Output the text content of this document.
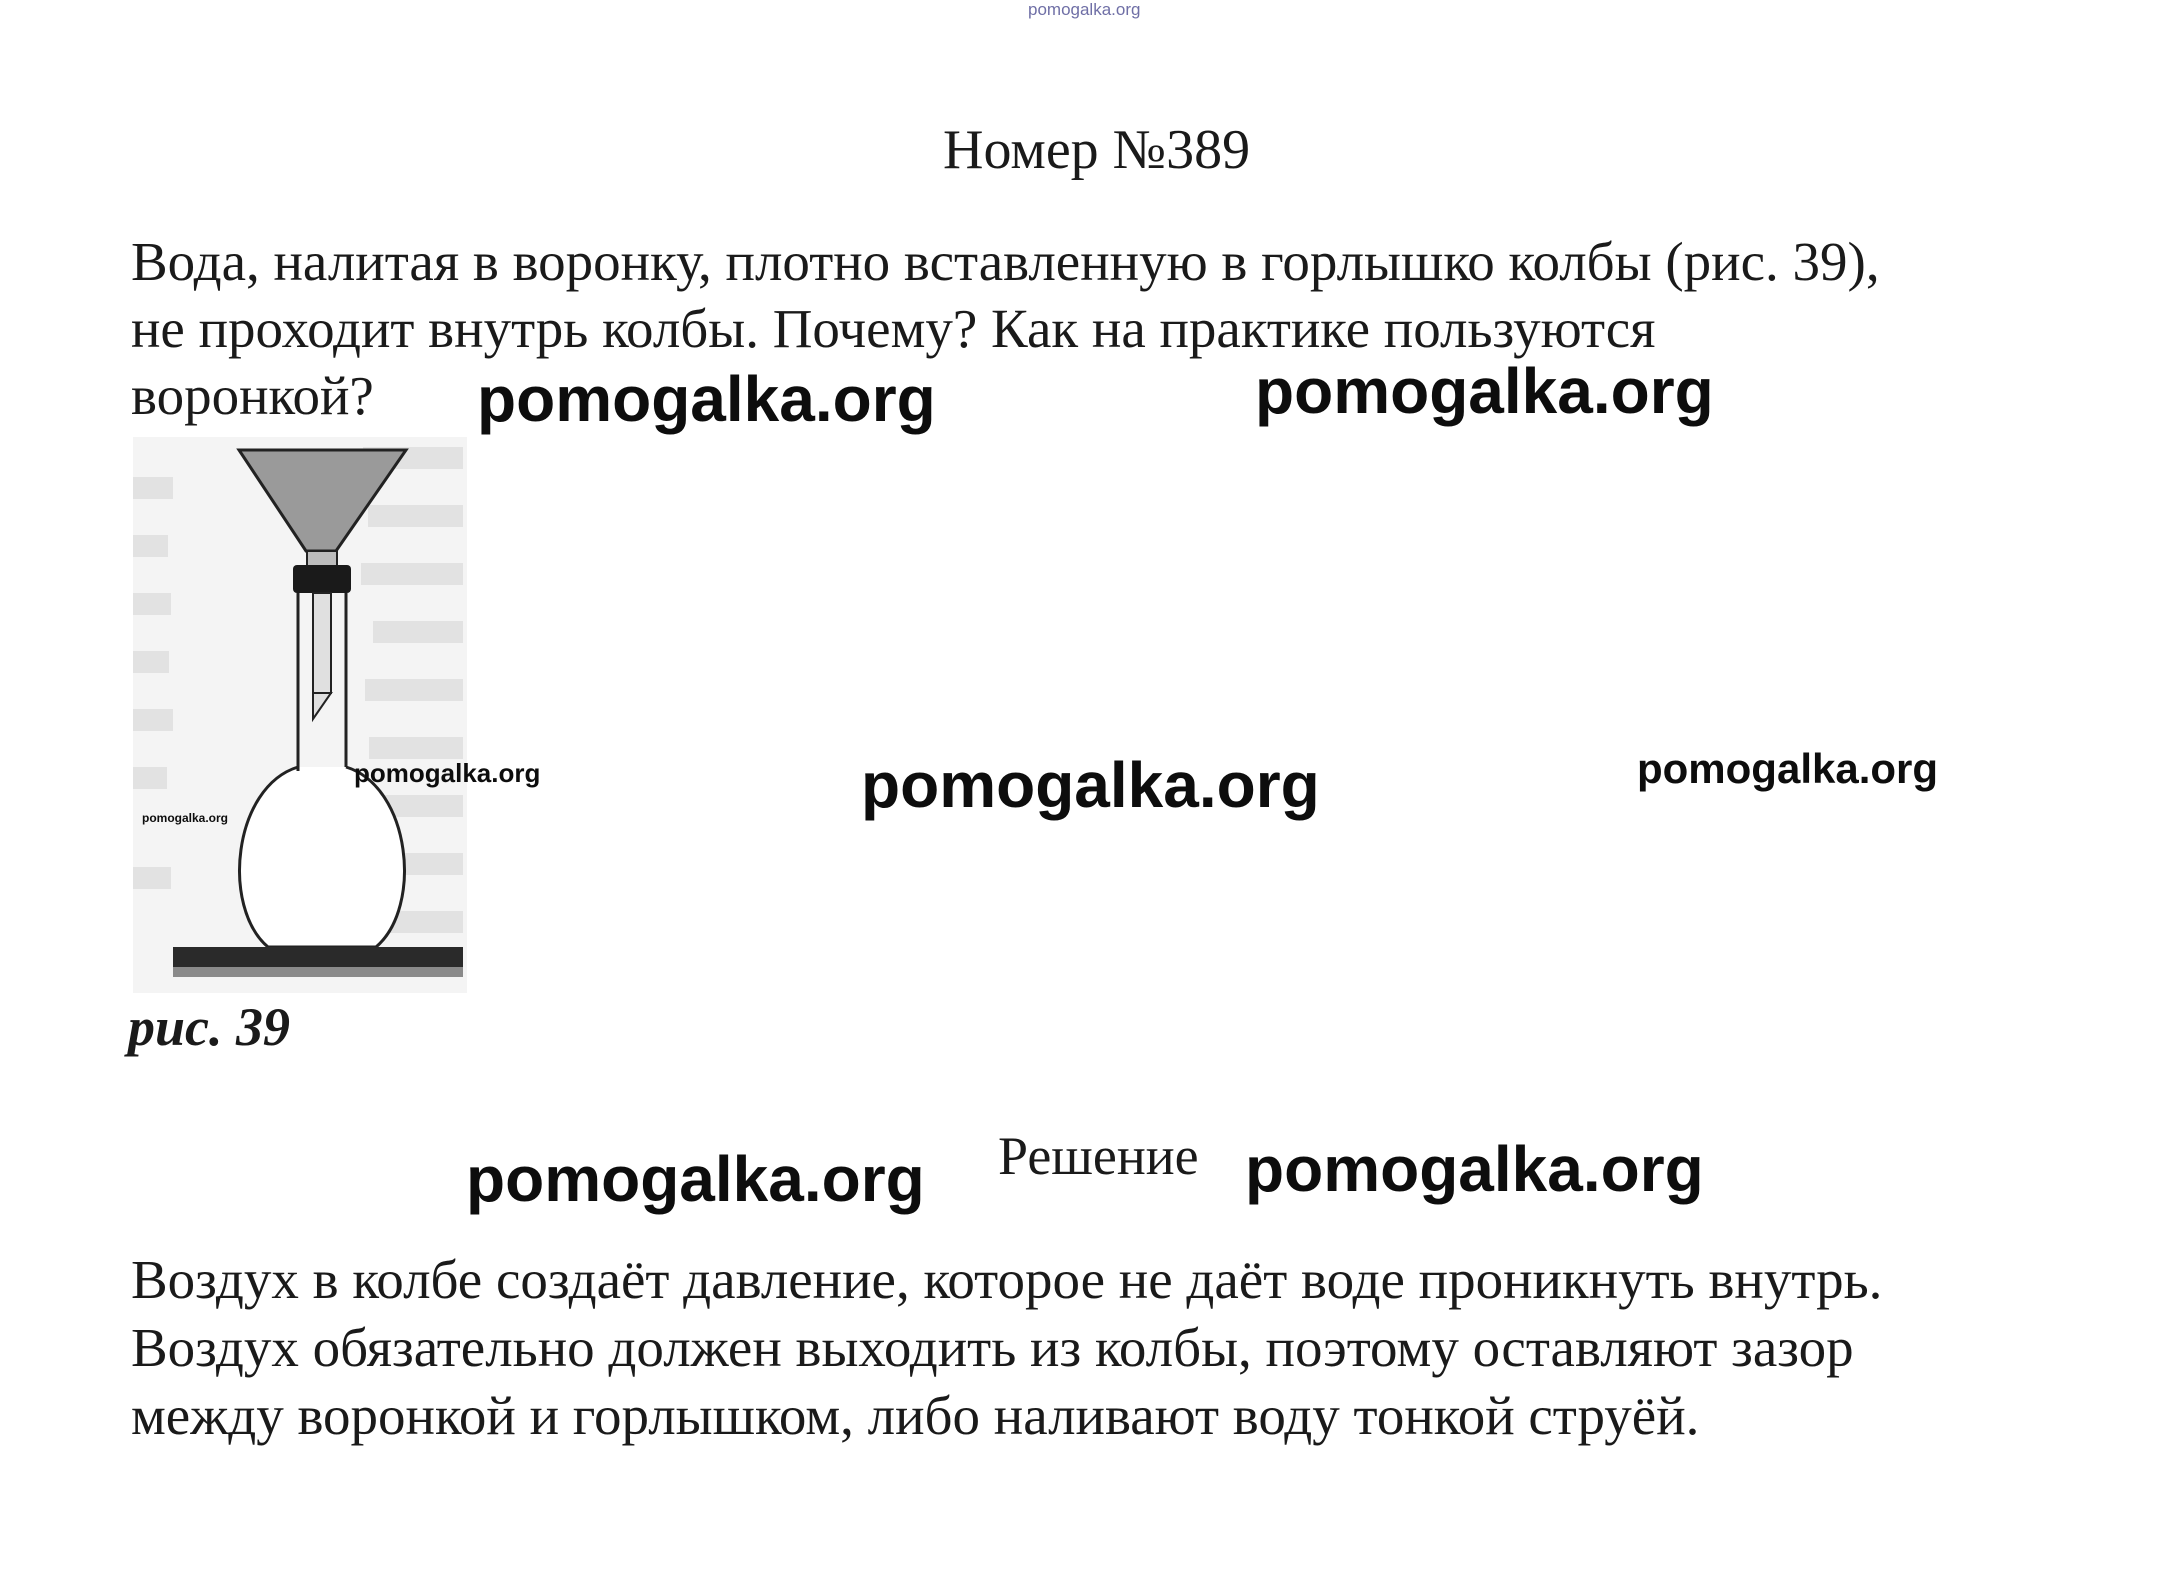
pomogalka.org
Номер №389
Вода, налитая в воронку, плотно вставленную в горлышко колбы (рис. 39),
не проходит внутрь колбы. Почему? Как на практике пользуются
воронкой?
рис. 39
Решение
Воздух в колбе создаёт давление, которое не даёт воде проникнуть внутрь.
Воздух обязательно должен выходить из колбы, поэтому оставляют зазор
между воронкой и горлышком, либо наливают воду тонкой струёй.
pomogalka.org	pomogalka.org
pomogalka.org
pomogalka.org	pomogalka.org	pomogalka.org
pomogalka.org	pomogalka.org
